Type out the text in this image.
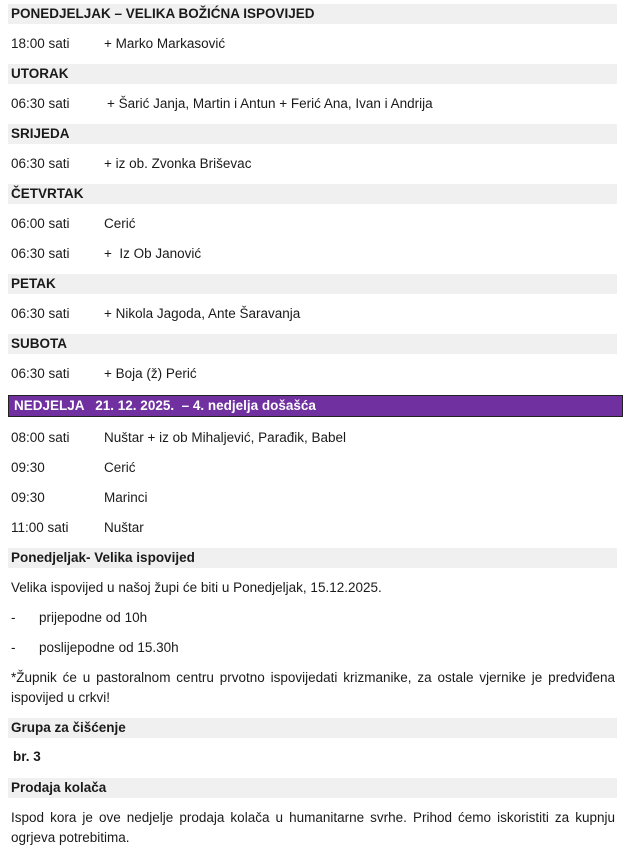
PONEDJELJAK – VELIKA BOŽIĆNA ISPOVIJED
18:00 sati	+ Marko Markasović
UTORAK
06:30 sati	+ Šarić Janja, Martin i Antun + Ferić Ana, Ivan i Andrija
SRIJEDA
06:30 sati	+ iz ob. Zvonka Briševac
ČETVRTAK
06:00 sati	Cerić
06:30 sati	+  Iz Ob Janović
PETAK
06:30 sati	+ Nikola Jagoda, Ante Šaravanja
SUBOTA
06:30 sati	+ Boja (ž) Perić
NEDJELJA   21. 12. 2025.  – 4. nedjelja došašća
08:00 sati	Nuštar + iz ob Mihaljević, Parađik, Babel
09:30	Cerić
09:30	Marinci
11:00 sati	Nuštar
Ponedjeljak- Velika ispovijed
Velika ispovijed u našoj župi će biti u Ponedjeljak, 15.12.2025.
- prijepodne od 10h
- poslijepodne od 15.30h
*Župnik će u pastoralnom centru prvotno ispovijedati krizmanike, za ostale vjernike je predviđena ispovijed u crkvi!
Grupa za čišćenje
br. 3
Prodaja kolača
Ispod kora je ove nedjelje prodaja kolača u humanitarne svrhe. Prihod ćemo iskoristiti za kupnju ogrjeva potrebitima.
